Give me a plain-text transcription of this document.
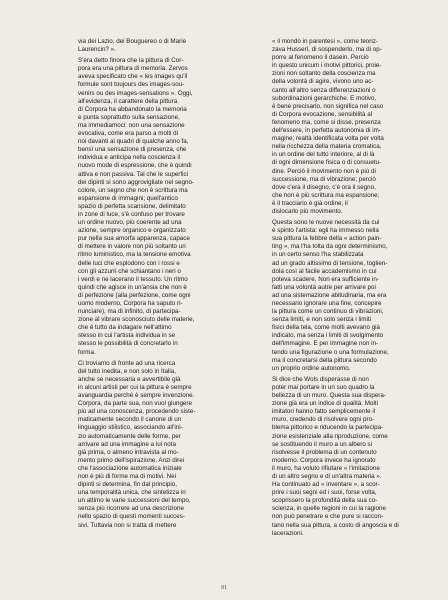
via dei Lazio, dei Bouguereo o di Marie
Laurencin? ».

S'era detto finora che la pittura di Cor-
pora era una pittura di memoria. Zervos
aveva specificato che « les images qu'il
formule sont toujours des images-sou-
venirs ou des images-sensations ». Oggi,
all'evidenza, il carattere della pittura
di Corpora ha abbandonato la memoria
e punta soprattutto sulla sensazione,
ma immediamoci: non una sensazione
evocativa, come era parso a molti di
noi davanti ai quadri di qualche anno fa,
bensì una sensazione di presenza, che
individua e anticipa nella coscienza il
nuovo mode di espressione, che è quindi
attiva e non passiva. Tal che le superfici
dei dipinti si sono aggrovigliate nel segno-
colore, un segno che non è scrittura ma
espansione di immagini; quell'antico
spazio di perfetta scansione, delimitato
in zone di luce, s'è confuso per trovare
un ordine nuovo, più coerente ad una
azione, sempre organico e organizzato
pur nella sua amorfa apparenza, capace
di mettere in valore non più soltanto un
ritmo luministico, ma la tensione emotiva
delle luci che esplodono con i rossi e
con gli azzurri che schiantano i neri o
i verdi e ne lacerano il tessuto. Un ritmo
quindi che agisce in un'ansia che non è
di perfezione (alla perfezione, come ogni
uomo moderno, Corpora ha saputo ri-
nunciare), ma di infinito, di partecipa-
zione al vibrare sconosciuto delle materie,
che è tutto da indagare nell'attimo
stesso in cui l'artista individua in se
stesso le possibilità di concretarlo in
forma.

Ci troviamo di fronte ad una ricerca
del tutto inedita, e non solo in Italia,
anche se necessaria e avvertibile già
in alcuni artisti per cui la pittura è sempre
avanguardia perché è sempre invenzione.
Corpora, da parte sua, non vuol giungere
più ad una conoscenza, procedendo siste-
maticamente secondo il canone di un
linguaggio stilistico, associando all'ini-
zio automaticamente delle forme, per
arrivare ad una immagine a lui nota
già prima, o almeno intravista al mo-
mento primo dell'ispirazione. Anzi direi
che l'associazione automatica iniziale
non è più di forme ma di motivi. Nei
dipinti si determina, fin dal principio,
una temporalità unica, che sintetizza in
un attimo le varie successioni del tempo,
senza più ricorrere ad una descrizione
nello spazio di questi momenti succes-
sivi. Tuttavia non si tratta di mettere

« il mondo in parentesi », come teoriz-
zava Husserl, di sospenderlo, ma di op-
porre al fenomeno il dasein. Perciò
in questo unicum i motivi pittorici, proie-
zioni non soltanto della coscienza ma
della volontà di agire, vivono uno ac-
canto all'altro senza differenziazioni o
subordinazioni gerarchiche. E motivo,
è bene precisarlo, non significa nel caso
di Corpora evocazione, sensibilità al
fenomeno ma, come si disse, presenza
dell'essere, in perfetta autonomia di im-
magine; realtà identificata volta per volta
nella ricchezza della materia cromatica,
in un ordine del tutto interiore, al di là
di ogni dimensione fisica o di consuetu-
dine. Perciò il movimento non è più di
successione, ma di vibrazione; perciò
dove c'era il disegno, c'è ora il segno,
che non è più scrittura ma espansione;
è il tracciario è già ordine, il
dislocarlo più movimento.

Questa sono le nuove necessità da cui
è spinto l'artista: egli ha immesso nella
sua pittura la febbre della « action pain-
ting », ma l'ha tolta da ogni determinismo,
in un certo senso l'ha stabilizzata
ad un grado altissimo di tensione, toglien-
dola così al facile accademismo in cui
poteva scadere. Non era sufficiente in-
fatti una volontà autre per arrivare poi
ad una sistemazione abitudinaria, ma era
necessario ignorare una fine, concepire
la pittura come un continuo di vibrazioni,
senza limiti, e non solo senza i limiti
fisici della tela, come molti avevano già
indicato, ma senza i limiti di svolgimento
dell'immagine. E per immagine non in-
tendo una figurazione o una formulazione,
ma il concretarsi della pittura secondo
un proprio ordine autonomo.

Si dice che Wols disperasse di non
poter mai portare in un suo quadro la
bellezza di un muro. Questa sua dispera-
zione già era un indice di qualità. Molti
imitatori hanno fatto semplicemente il
muro, credendo di risolvere ogni pro-
blema pittorico e riducendo la partecipa-
zione esistenziale alla riproduzione, come
se sostituendo il muro a un albero si
risolvesse il problema di un contenuto
moderno. Corpora invece ha ignorato
il muro, ha voluto rifiutare « l'imitazione
di un altro segno e di un'altra materia ».
Ha continuato ad « inventare », a scor-
prire i suoi segni ed i suoi, forse volta,
scoprissero la profondità della sua co-
scienza, in quelle regioni in cui la ragione
non può penetrare e che pure si raccon-
tano nella sua pittura, a costo di angoscia e di
lacerazioni.

91
